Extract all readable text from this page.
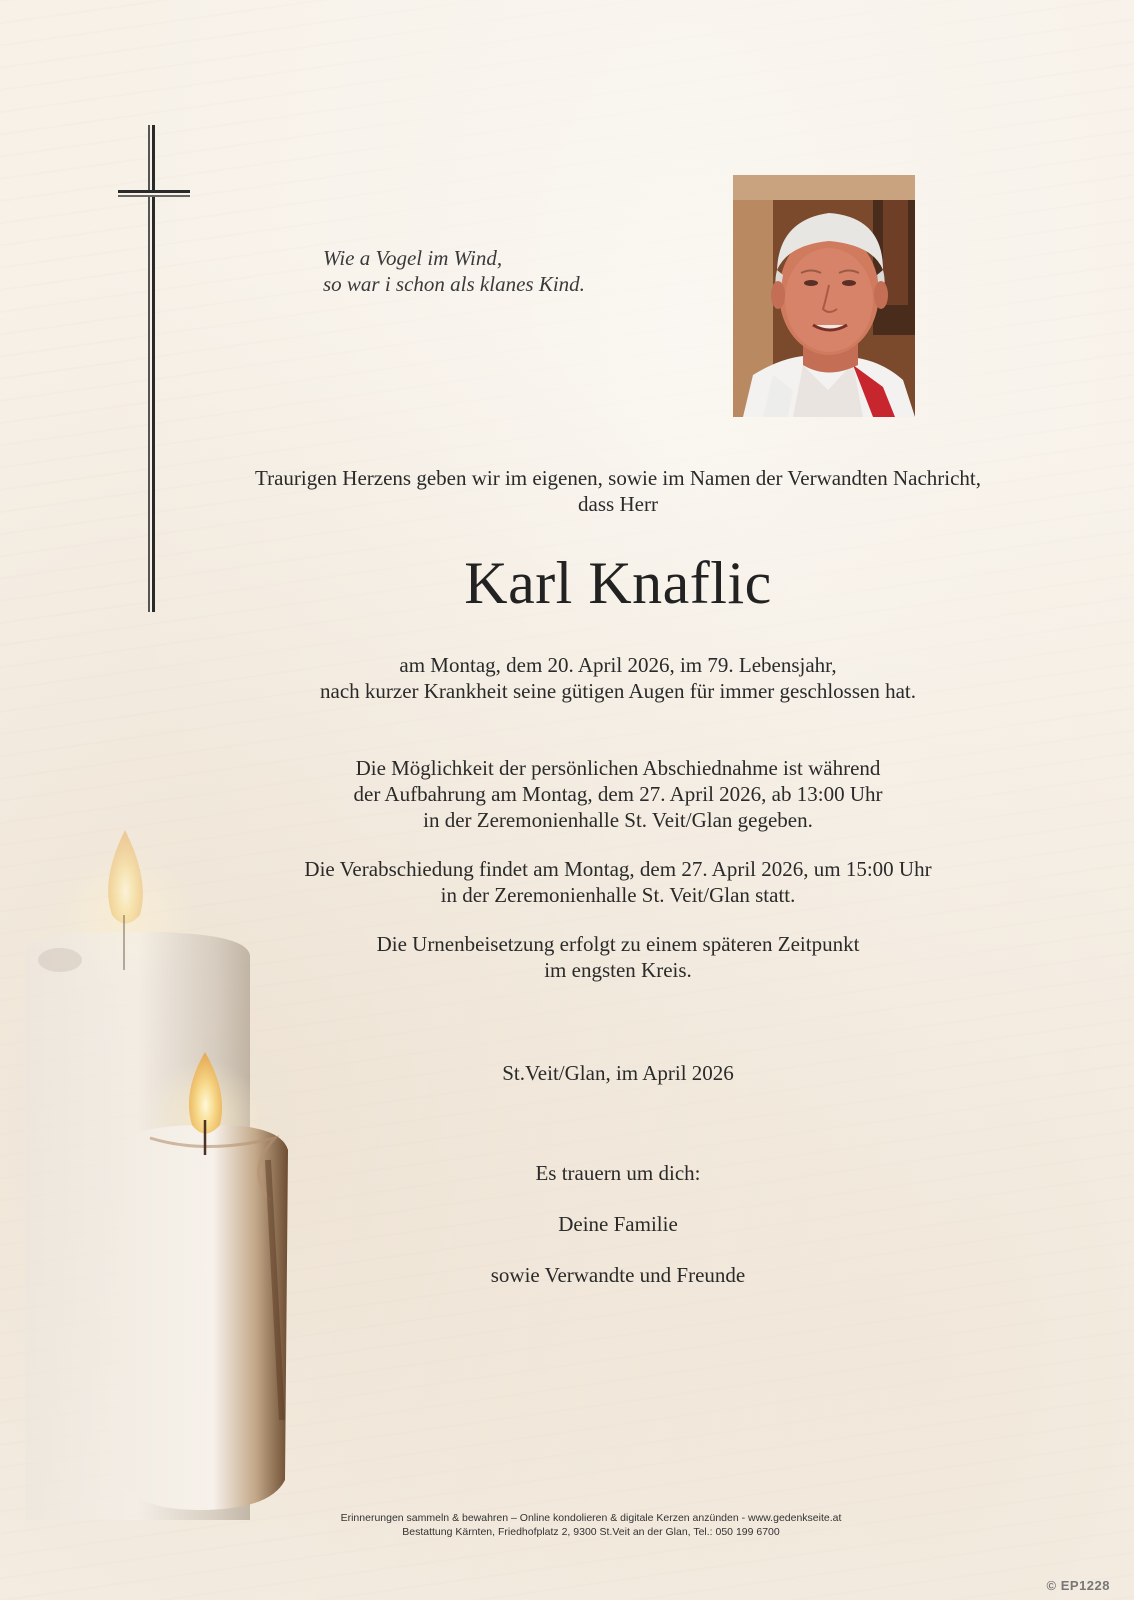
Wie a Vogel im Wind,
so war i schon als klanes Kind.
Traurigen Herzens geben wir im eigenen, sowie im Namen der Verwandten Nachricht,
dass Herr
Karl Knaflic
am Montag, dem 20. April 2026, im 79. Lebensjahr,
nach kurzer Krankheit seine gütigen Augen für immer geschlossen hat.
Die Möglichkeit der persönlichen Abschiednahme ist während
der Aufbahrung am Montag, dem 27. April 2026, ab 13:00 Uhr
in der Zeremonienhalle St. Veit/Glan gegeben.
Die Verabschiedung findet am Montag, dem 27. April 2026, um 15:00 Uhr
in der Zeremonienhalle St. Veit/Glan statt.
Die Urnenbeisetzung erfolgt zu einem späteren Zeitpunkt
im engsten Kreis.
St.Veit/Glan, im April 2026
Es trauern um dich:
Deine Familie
sowie Verwandte und Freunde
Erinnerungen sammeln & bewahren – Online kondolieren & digitale Kerzen anzünden - www.gedenkseite.at
Bestattung Kärnten, Friedhofplatz 2, 9300 St.Veit an der Glan, Tel.: 050 199 6700
© EP1228
